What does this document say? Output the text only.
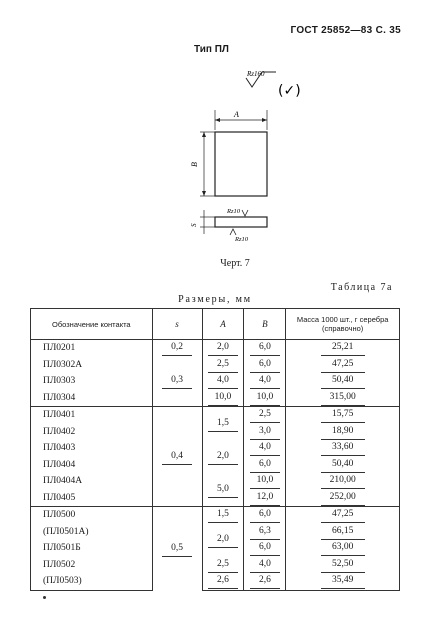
ГОСТ 25852—83 С. 35
Тип ПЛ
Rz160
(✓)
A
B
Rz10
Rz10
S
Черт. 7
Таблица 7а
Размеры, мм
Обозначение контакта	s	A	B	Масса 1000 шт., г серебра (справочно)
ПЛ0201	0,2	2,0	6,0	25,21
ПЛ0302А	0,3	2,5	6,0	47,25
ПЛ0303		4,0	4,0	50,40
ПЛ0304		10,0	10,0	315,00
ПЛ0401	0,4	1,5	2,5	15,75
ПЛ0402			3,0	18,90
ПЛ0403		2,0	4,0	33,60
ПЛ0404			6,0	50,40
ПЛ0404А		5,0	10,0	210,00
ПЛ0405			12,0	252,00
ПЛ0500	0,5	1,5	6,0	47,25
(ПЛ0501А)		2,0	6,3	66,15
ПЛ0501Б			6,0	63,00
ПЛ0502		2,5	4,0	52,50
(ПЛ0503)		2,6	2,6	35,49
